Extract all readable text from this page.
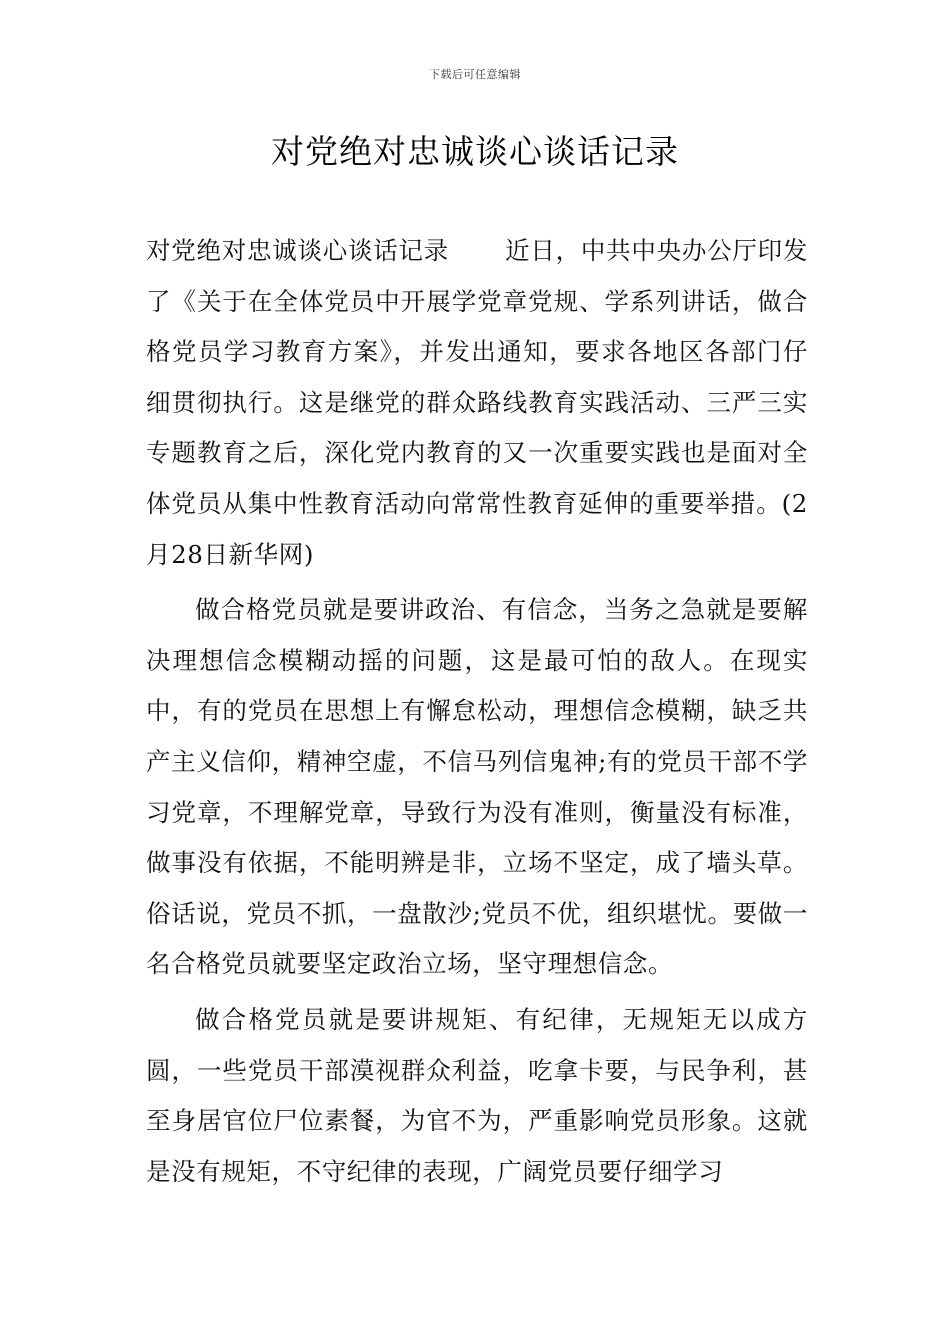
下载后可任意编辑
对党绝对忠诚谈心谈话记录

对党绝对忠诚谈心谈话记录 近日，中共中央办公厅印发了《关于在全体党员中开展学党章党规、学系列讲话，做合格党员学习教育方案》，并发出通知，要求各地区各部门仔细贯彻执行。这是继党的群众路线教育实践活动、三严三实专题教育之后，深化党内教育的又一次重要实践也是面对全体党员从集中性教育活动向常常性教育延伸的重要举措。(2月28日新华网)

做合格党员就是要讲政治、有信念，当务之急就是要解决理想信念模糊动摇的问题，这是最可怕的敌人。在现实中，有的党员在思想上有懈怠松动，理想信念模糊，缺乏共产主义信仰，精神空虚，不信马列信鬼神;有的党员干部不学习党章，不理解党章，导致行为没有准则，衡量没有标准，做事没有依据，不能明辨是非，立场不坚定，成了墙头草。俗话说，党员不抓，一盘散沙;党员不优，组织堪忧。要做一名合格党员就要坚定政治立场，坚守理想信念。

做合格党员就是要讲规矩、有纪律，无规矩无以成方圆，一些党员干部漠视群众利益，吃拿卡要，与民争利，甚至身居官位尸位素餐，为官不为，严重影响党员形象。这就是没有规矩，不守纪律的表现，广阔党员要仔细学习
